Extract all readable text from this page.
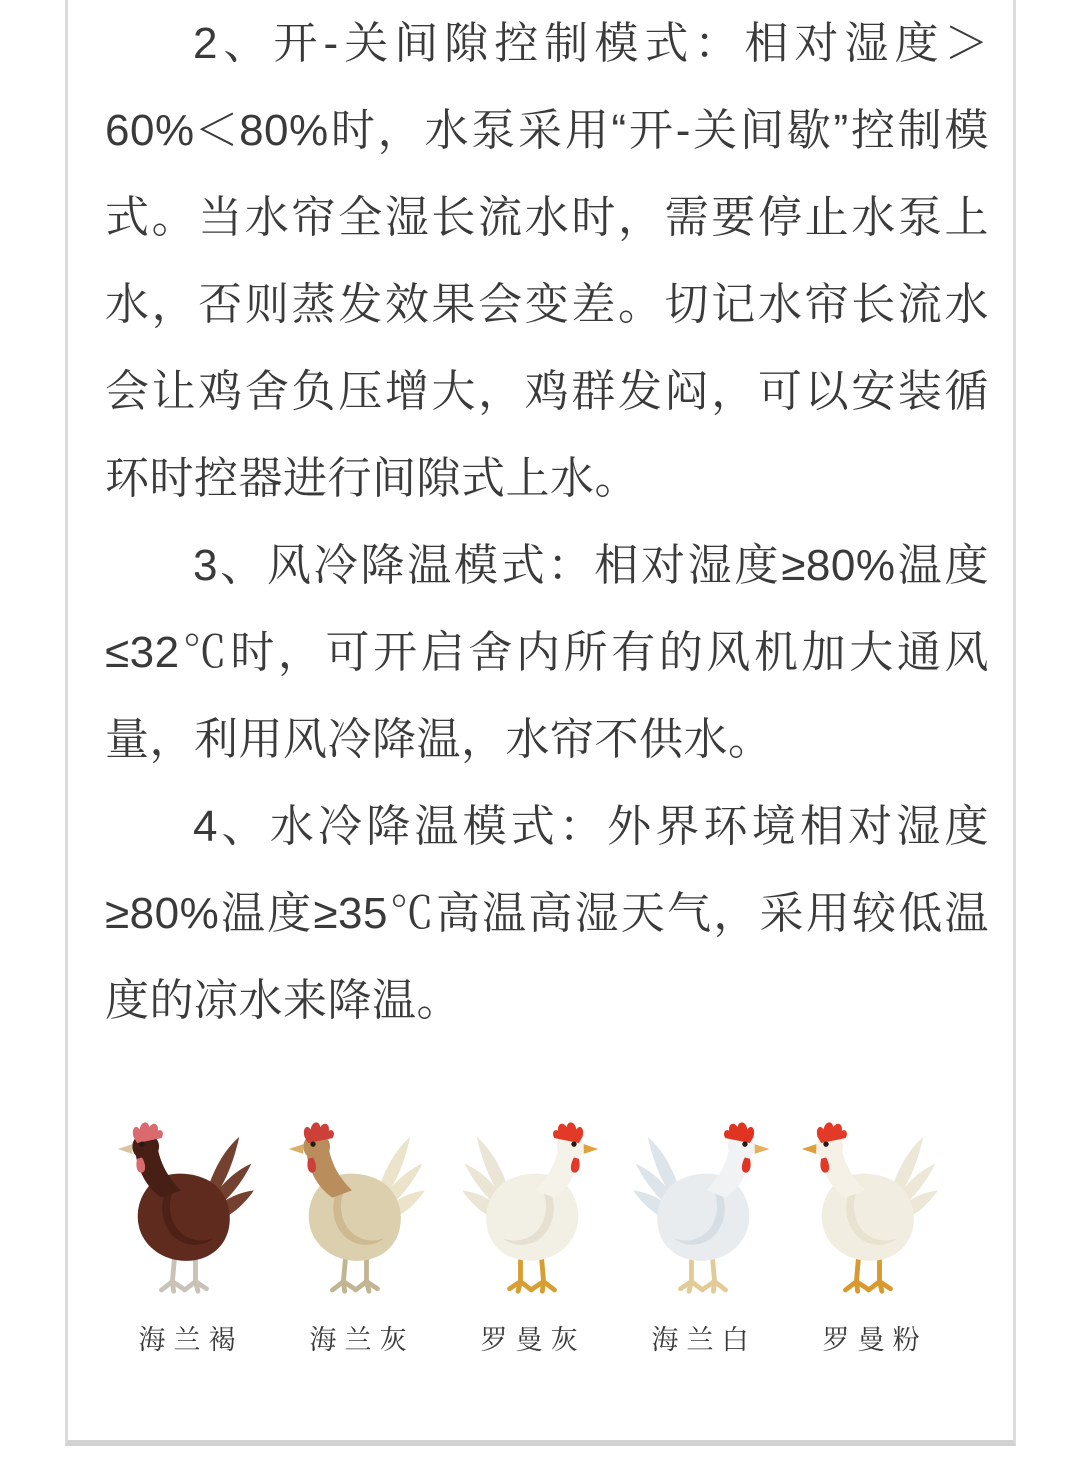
2、开-关间隙控制模式：相对湿度＞60%＜80%时，水泵采用“开-关间歇”控制模式。当水帘全湿长流水时，需要停止水泵上水，否则蒸发效果会变差。切记水帘长流水会让鸡舍负压增大，鸡群发闷，可以安装循环时控器进行间隙式上水。

3、风冷降温模式：相对湿度≥80%温度≤32℃时，可开启舍内所有的风机加大通风量，利用风冷降温，水帘不供水。

4、水冷降温模式：外界环境相对湿度≥80%温度≥35℃高温高湿天气，采用较低温度的凉水来降温。

海兰褐 海兰灰 罗曼灰 海兰白 罗曼粉
